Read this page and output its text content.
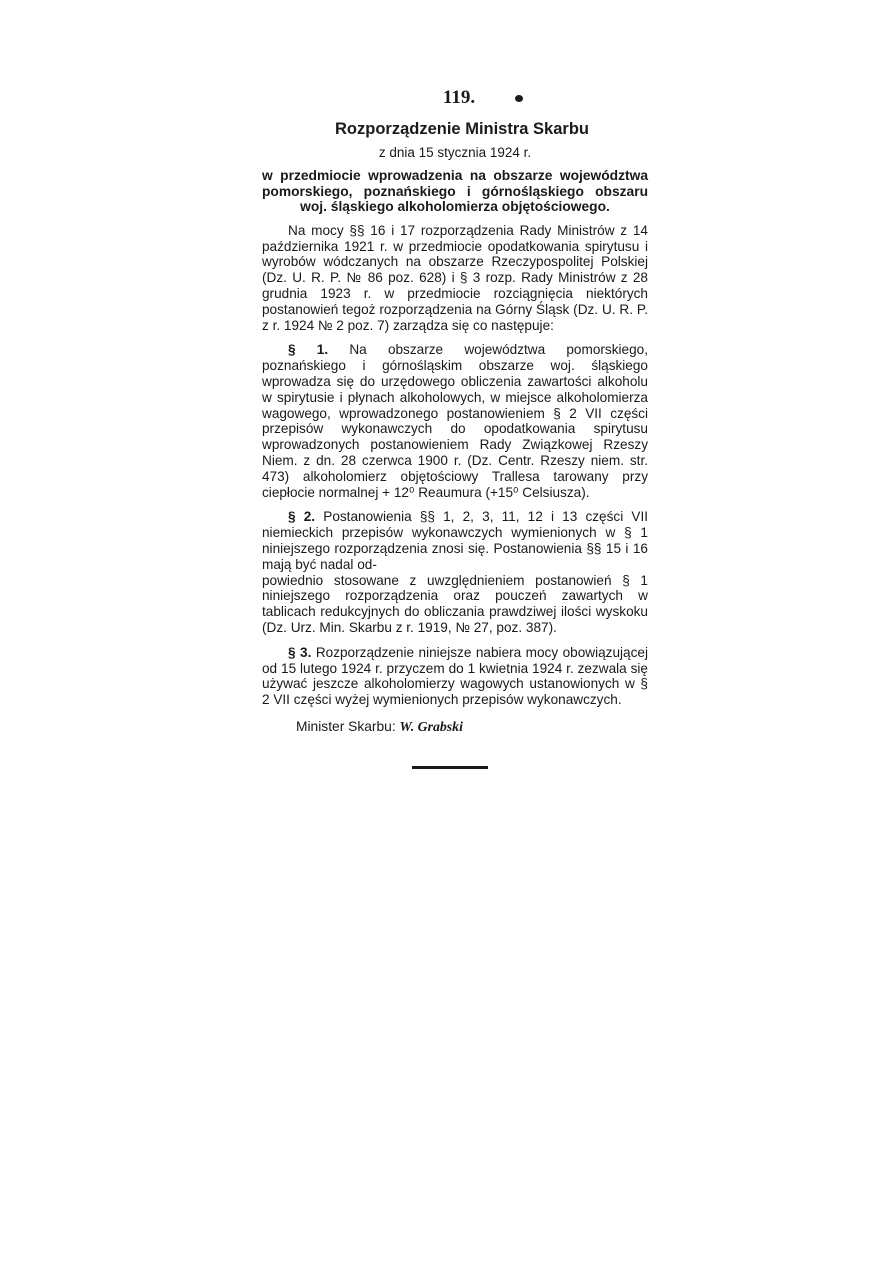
119.
Rozporządzenie Ministra Skarbu
z dnia 15 stycznia 1924 r.
w przedmiocie wprowadzenia na obszarze województwa pomorskiego, poznańskiego i górnośląskiego obszaru woj. śląskiego alkoholomierza objętościowego.

Na mocy §§ 16 i 17 rozporządzenia Rady Ministrów z 14 października 1921 r. w przedmiocie opodatkowania spirytusu i wyrobów wódczanych na obszarze Rzeczypospolitej Polskiej (Dz. U. R. P. № 86 poz. 628) i § 3 rozp. Rady Ministrów z 28 grudnia 1923 r. w przedmiocie rozciągnięcia niektórych postanowień tegoż rozporządzenia na Górny Śląsk (Dz. U. R. P. z r. 1924 № 2 poz. 7) zarządza się co następuje:

§ 1. Na obszarze województwa pomorskiego, poznańskiego i górnośląskim obszarze woj. śląskiego wprowadza się do urzędowego obliczenia zawartości alkoholu w spirytusie i płynach alkoholowych, w miejsce alkoholomierza wagowego, wprowadzonego postanowieniem § 2 VII części przepisów wykonawczych do opodatkowania spirytusu wprowadzonych postanowieniem Rady Związkowej Rzeszy Niem. z dn. 28 czerwca 1900 r. (Dz. Centr. Rzeszy niem. str. 473) alkoholomierz objętościowy Trallesa tarowany przy ciepłocie normalnej + 12⁰ Reaumura (+15⁰ Celsiusza).

§ 2. Postanowienia §§ 1, 2, 3, 11, 12 i 13 części VII niemieckich przepisów wykonawczych wymienionych w § 1 niniejszego rozporządzenia znosi się. Postanowienia §§ 15 i 16 mają być nadal od-

powiednio stosowane z uwzględnieniem postanowień § 1 niniejszego rozporządzenia oraz pouczeń zawartych w tablicach redukcyjnych do obliczania prawdziwej ilości wyskoku (Dz. Urz. Min. Skarbu z r. 1919, № 27, poz. 387).

§ 3. Rozporządzenie niniejsze nabiera mocy obowiązującej od 15 lutego 1924 r. przyczem do 1 kwietnia 1924 r. zezwala się używać jeszcze alkoholomierzy wagowych ustanowionych w § 2 VII części wyżej wymienionych przepisów wykonawczych.

Minister Skarbu: W. Grabski
